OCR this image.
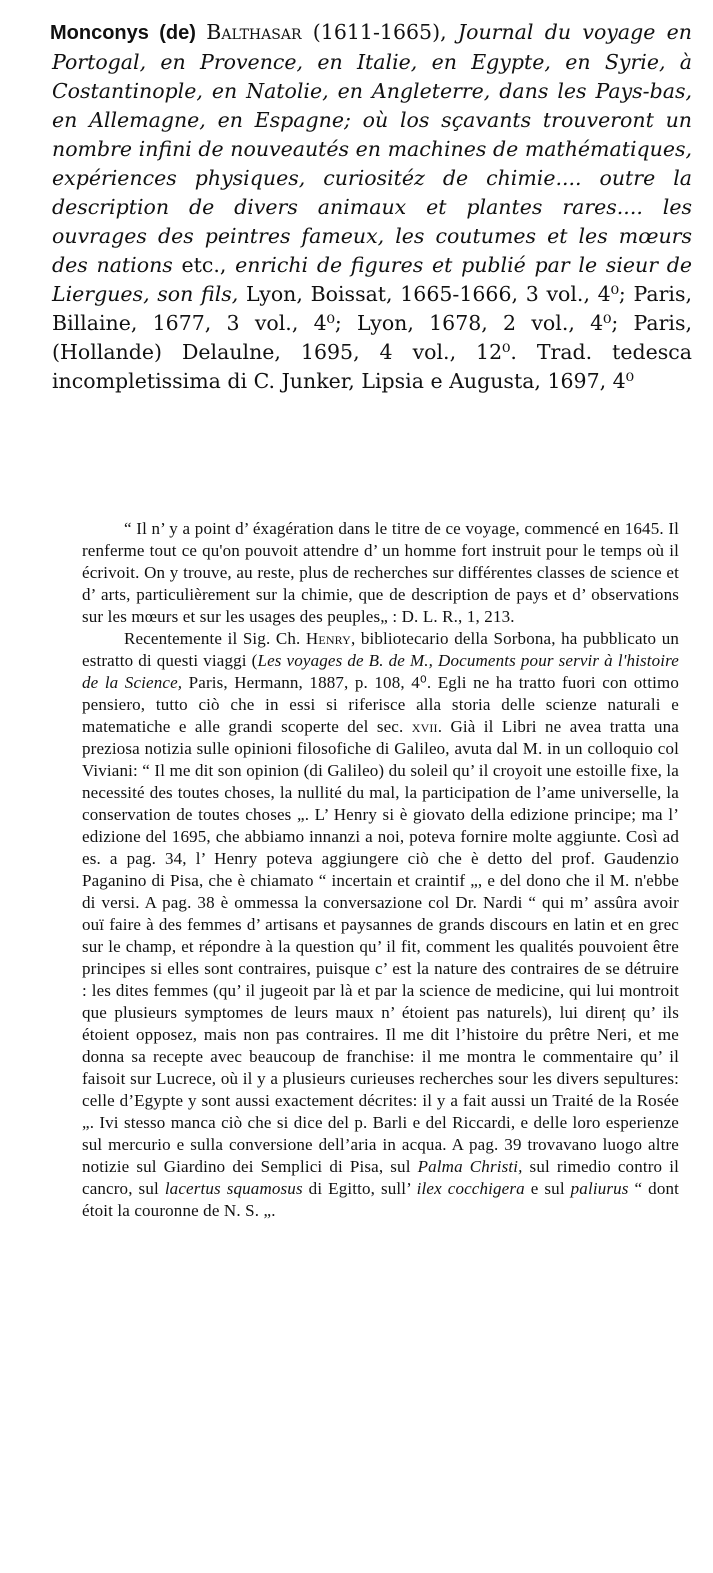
Monconys (de) Balthasar (1611-1665), Journal du voyage en Portogal, en Provence, en Italie, en Egypte, en Syrie, à Costantinople, en Natolie, en Angleterre, dans les Pays-bas, en Allemagne, en Espagne; où los sçavants trouveront un nombre infini de nouveautés en machines de mathématiques, expériences physiques, curiositéz de chimie.... outre la description de divers animaux et plantes rares.... les ouvrages des peintres fameux, les coutumes et les mœurs des nations etc., enrichi de figures et publié par le sieur de Liergues, son fils, Lyon, Boissat, 1665-1666, 3 vol., 4⁰; Paris, Billaine, 1677, 3 vol., 4⁰; Lyon, 1678, 2 vol., 4⁰; Paris,(Hollande) Delaulne, 1695, 4 vol., 12⁰. Trad. tedesca incompletissima di C. Junker, Lipsia e Augusta, 1697, 4⁰

“ Il n’ y a point d’ éxagération dans le titre de ce voyage, commencé en 1645. Il renferme tout ce qu'on pouvoit attendre d’ un homme fort instruit pour le temps où il écrivoit. On y trouve, au reste, plus de recherches sur différentes classes de science et d’ arts, particulièrement sur la chimie, que de description de pays et d’ observations sur les mœurs et sur les usages des peuples„ : D. L. R., 1, 213.

Recentemente il Sig. Ch. Henry, bibliotecario della Sorbona, ha pubblicato un estratto di questi viaggi (Les voyages de B. de M., Documents pour servir à l'histoire de la Science, Paris, Hermann, 1887, p. 108, 4⁰. Egli ne ha tratto fuori con ottimo pensiero, tutto ciò che in essi si riferisce alla storia delle scienze naturali e matematiche e alle grandi scoperte del sec. xvii. Già il Libri ne avea tratta una preziosa notizia sulle opinioni filosofiche di Galileo, avuta dal M. in un colloquio col Viviani: “ Il me dit son opinion (di Galileo) du soleil qu’ il croyoit une estoille fixe, la necessité des toutes choses, la nullité du mal, la participation de l’ame universelle, la conservation de toutes choses „. L’ Henry si è giovato della edizione principe; ma l’ edizione del 1695, che abbiamo innanzi a noi, poteva fornire molte aggiunte. Così ad es. a pag. 34, l’ Henry poteva aggiungere ciò che è detto del prof. Gaudenzio Paganino di Pisa, che è chiamato “ incertain et craintif „, e del dono che il M. n'ebbe di versi. A pag. 38 è ommessa la conversazione col Dr. Nardi “ qui m’ assûra avoir ouï faire à des femmes d’ artisans et paysannes de grands discours en latin et en grec sur le champ, et répondre à la question qu’ il fit, comment les qualités pouvoient être principes si elles sont contraires, puisque c’ est la nature des contraires de se détruire : les dites femmes (qu’ il jugeoit par là et par la science de medicine, qui lui montroit que plusieurs symptomes de leurs maux n’ étoient pas naturels), lui direnț qu’ ils étoient opposez, mais non pas contraires. Il me dit l’histoire du prêtre Neri, et me donna sa recepte avec beaucoup de franchise: il me montra le commentaire qu’ il faisoit sur Lucrece, où il y a plusieurs curieuses recherches sour les divers sepultures: celle d’Egypte y sont aussi exactement décrites: il y a fait aussi un Traité de la Rosée „. Ivi stesso manca ciò che si dice del p. Barli e del Riccardi, e delle loro esperienze sul mercurio e sulla conversione dell’aria in acqua. A pag. 39 trovavano luogo altre notizie sul Giardino dei Semplici di Pisa, sul Palma Christi, sul rimedio contro il cancro, sul lacertus squamosus di Egitto, sull’ ilex cocchigera e sul paliurus “ dont étoit la couronne de N. S. „.
